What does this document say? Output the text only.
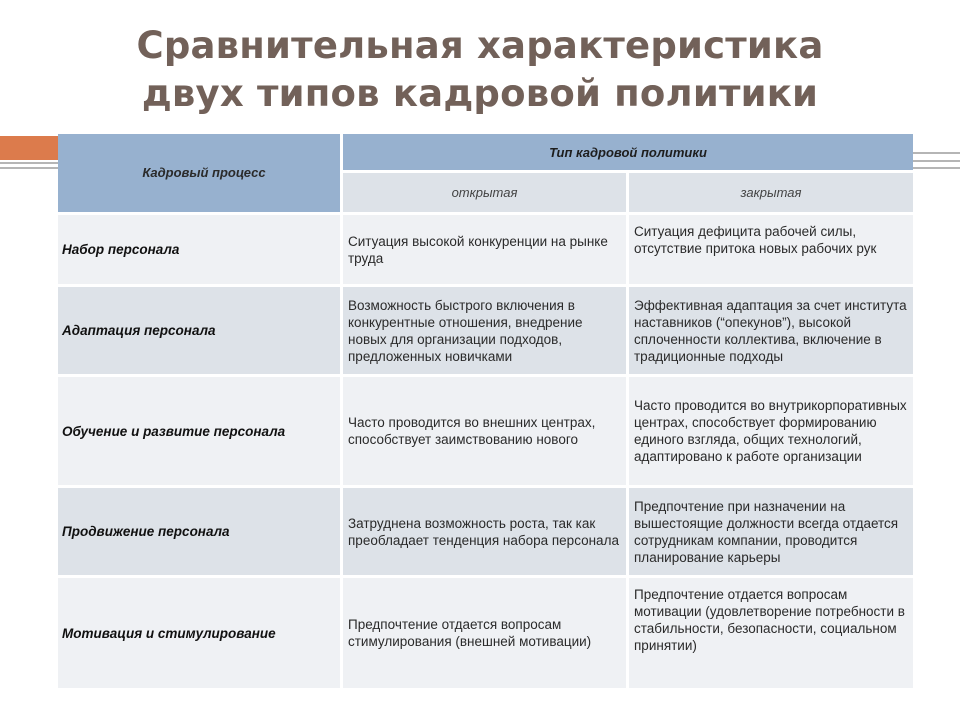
Сравнительная характеристика
двух типов кадровой политики
Кадровый процесс
Тип кадровой политики
открытая	закрытая
Набор персонала
Ситуация высокой конкуренции на рынке труда
Ситуация дефицита рабочей силы, отсутствие притока новых рабочих рук
Адаптация персонала
Возможность быстрого включения в конкурентные отношения, внедрение новых для организации подходов, предложенных новичками
Эффективная адаптация за счет института наставников (“опекунов”), высокой сплоченности коллектива, включение в традиционные подходы
Обучение и развитие персонала
Часто проводится во внешних центрах, способствует заимствованию нового
Часто проводится во внутрикорпоративных центрах, способствует формированию единого взгляда, общих технологий, адаптировано к работе организации
Продвижение персонала
Затруднена возможность роста, так как преобладает тенденция набора персонала
Предпочтение при назначении на вышестоящие должности всегда отдается сотрудникам компании, проводится планирование карьеры
Мотивация и стимулирование
Предпочтение отдается вопросам стимулирования (внешней мотивации)
Предпочтение отдается вопросам мотивации (удовлетворение потребности в стабильности, безопасности, социальном принятии)
